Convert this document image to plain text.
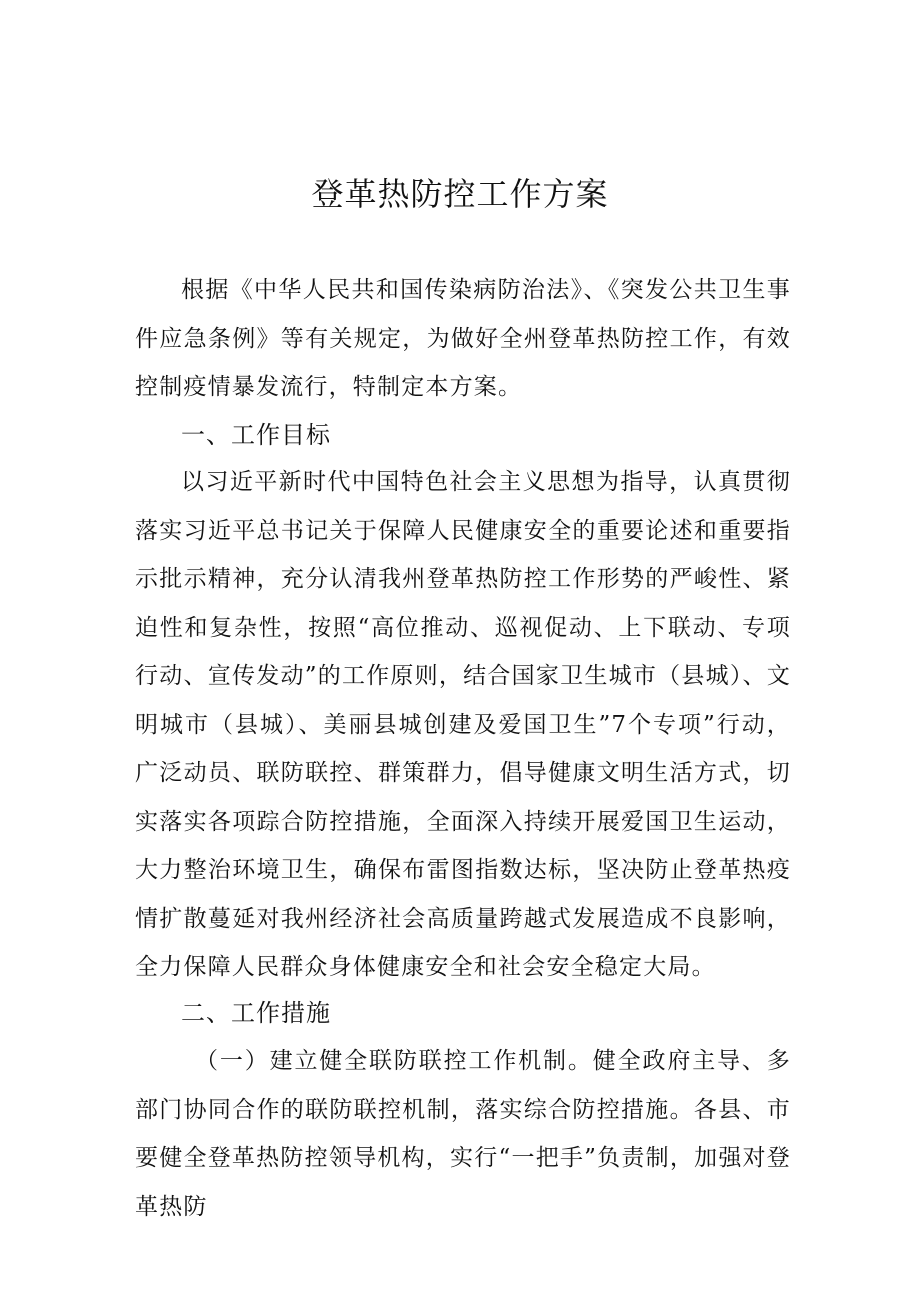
登革热防控工作方案

根据《中华人民共和国传染病防治法》、《突发公共卫生事件应急条例》等有关规定，为做好全州登革热防控工作，有效控制疫情暴发流行，特制定本方案。

一、工作目标

以习近平新时代中国特色社会主义思想为指导，认真贯彻落实习近平总书记关于保障人民健康安全的重要论述和重要指示批示精神，充分认清我州登革热防控工作形势的严峻性、紧迫性和复杂性，按照“高位推动、巡视促动、上下联动、专项行动、宣传发动”的工作原则，结合国家卫生城市（县城）、文明城市（县城）、美丽县城创建及爱国卫生”7个专项”行动，广泛动员、联防联控、群策群力，倡导健康文明生活方式，切实落实各项踪合防控措施，全面深入持续开展爱国卫生运动，大力整治环境卫生，确保布雷图指数达标，坚决防止登革热疫情扩散蔓延对我州经济社会高质量跨越式发展造成不良影响，全力保障人民群众身体健康安全和社会安全稳定大局。

二、工作措施

（一）建立健全联防联控工作机制。健全政府主导、多部门协同合作的联防联控机制，落实综合防控措施。各县、市要健全登革热防控领导机构，实行“一把手”负责制，加强对登革热防
